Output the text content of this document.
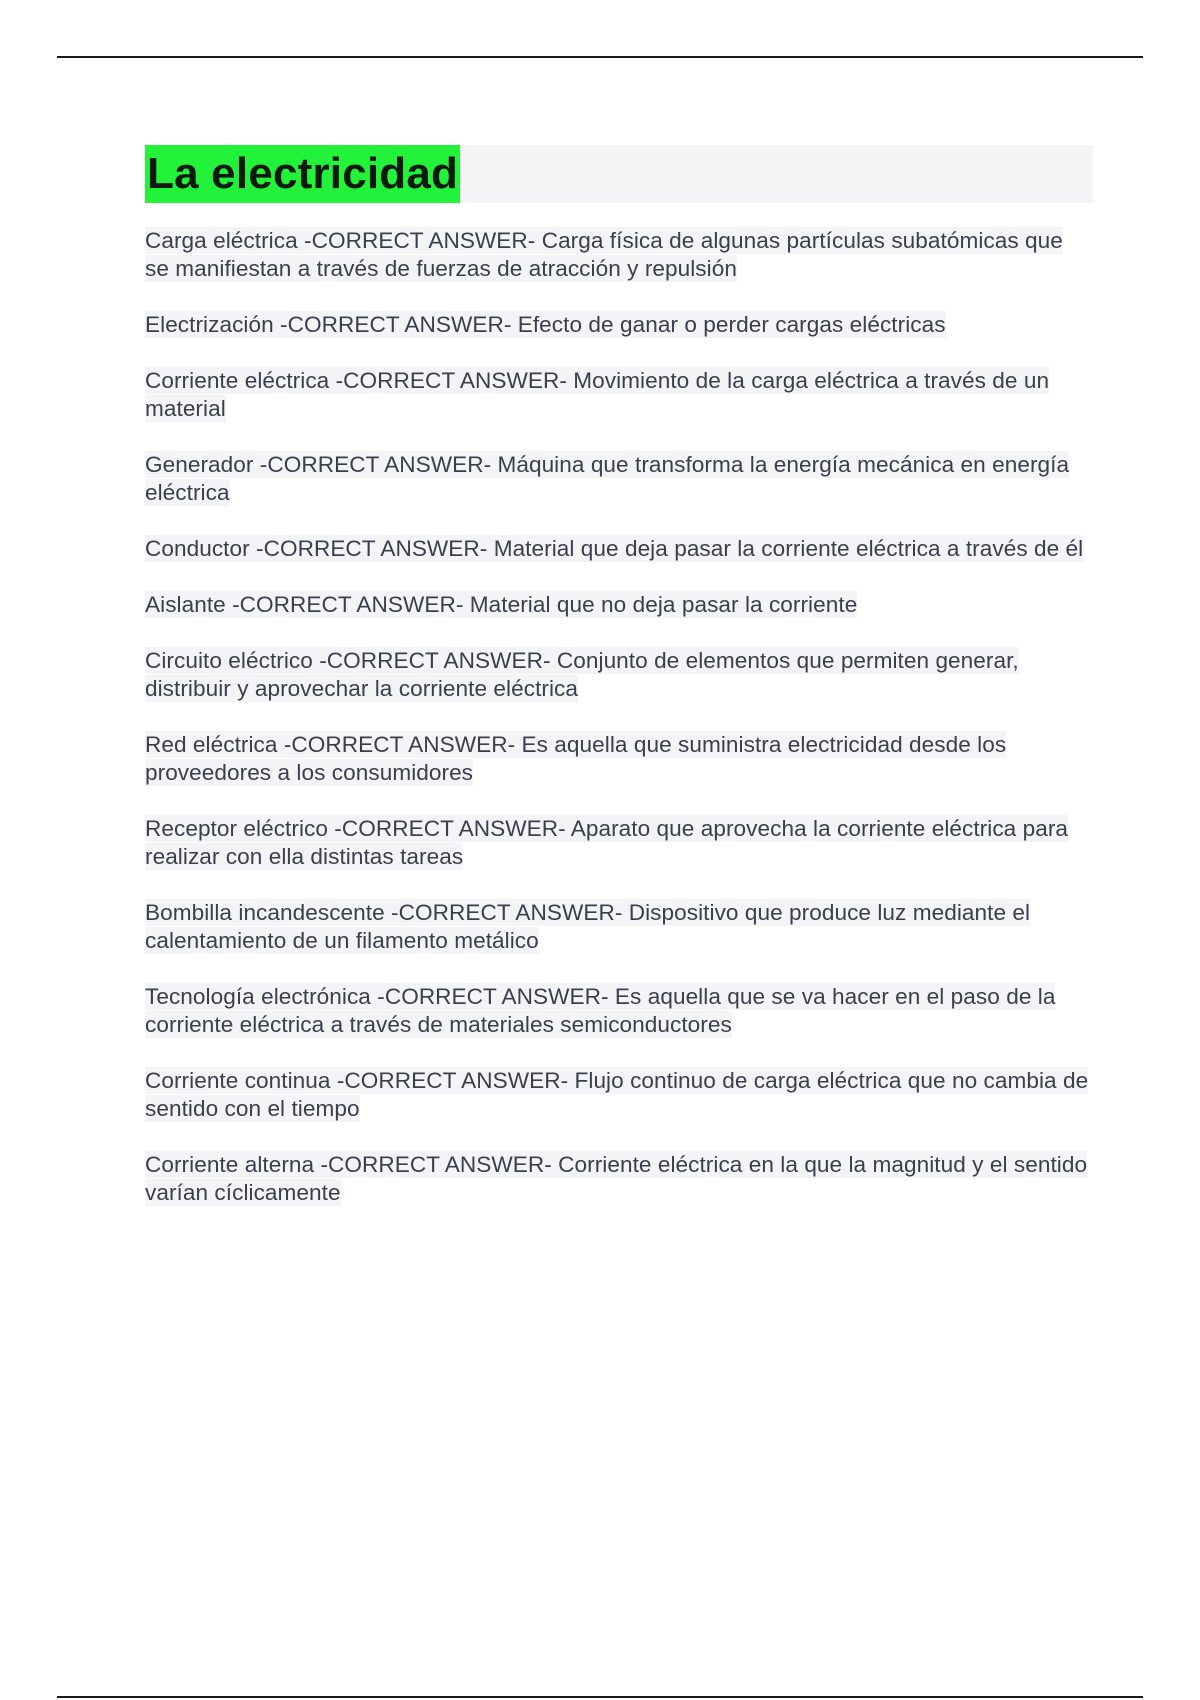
La electricidad
Carga eléctrica -CORRECT ANSWER- Carga física de algunas partículas subatómicas que se manifiestan a través de fuerzas de atracción y repulsión
Electrización -CORRECT ANSWER- Efecto de ganar o perder cargas eléctricas
Corriente eléctrica -CORRECT ANSWER- Movimiento de la carga eléctrica a través de un material
Generador -CORRECT ANSWER- Máquina que transforma la energía mecánica en energía eléctrica
Conductor -CORRECT ANSWER- Material que deja pasar la corriente eléctrica a través de él
Aislante -CORRECT ANSWER- Material que no deja pasar la corriente
Circuito eléctrico -CORRECT ANSWER- Conjunto de elementos que permiten generar, distribuir y aprovechar la corriente eléctrica
Red eléctrica -CORRECT ANSWER- Es aquella que suministra electricidad desde los proveedores a los consumidores
Receptor eléctrico -CORRECT ANSWER- Aparato que aprovecha la corriente eléctrica para realizar con ella distintas tareas
Bombilla incandescente -CORRECT ANSWER- Dispositivo que produce luz mediante el calentamiento de un filamento metálico
Tecnología electrónica -CORRECT ANSWER- Es aquella que se va hacer en el paso de la corriente eléctrica a través de materiales semiconductores
Corriente continua -CORRECT ANSWER- Flujo continuo de carga eléctrica que no cambia de sentido con el tiempo
Corriente alterna -CORRECT ANSWER- Corriente eléctrica en la que la magnitud y el sentido varían cíclicamente
